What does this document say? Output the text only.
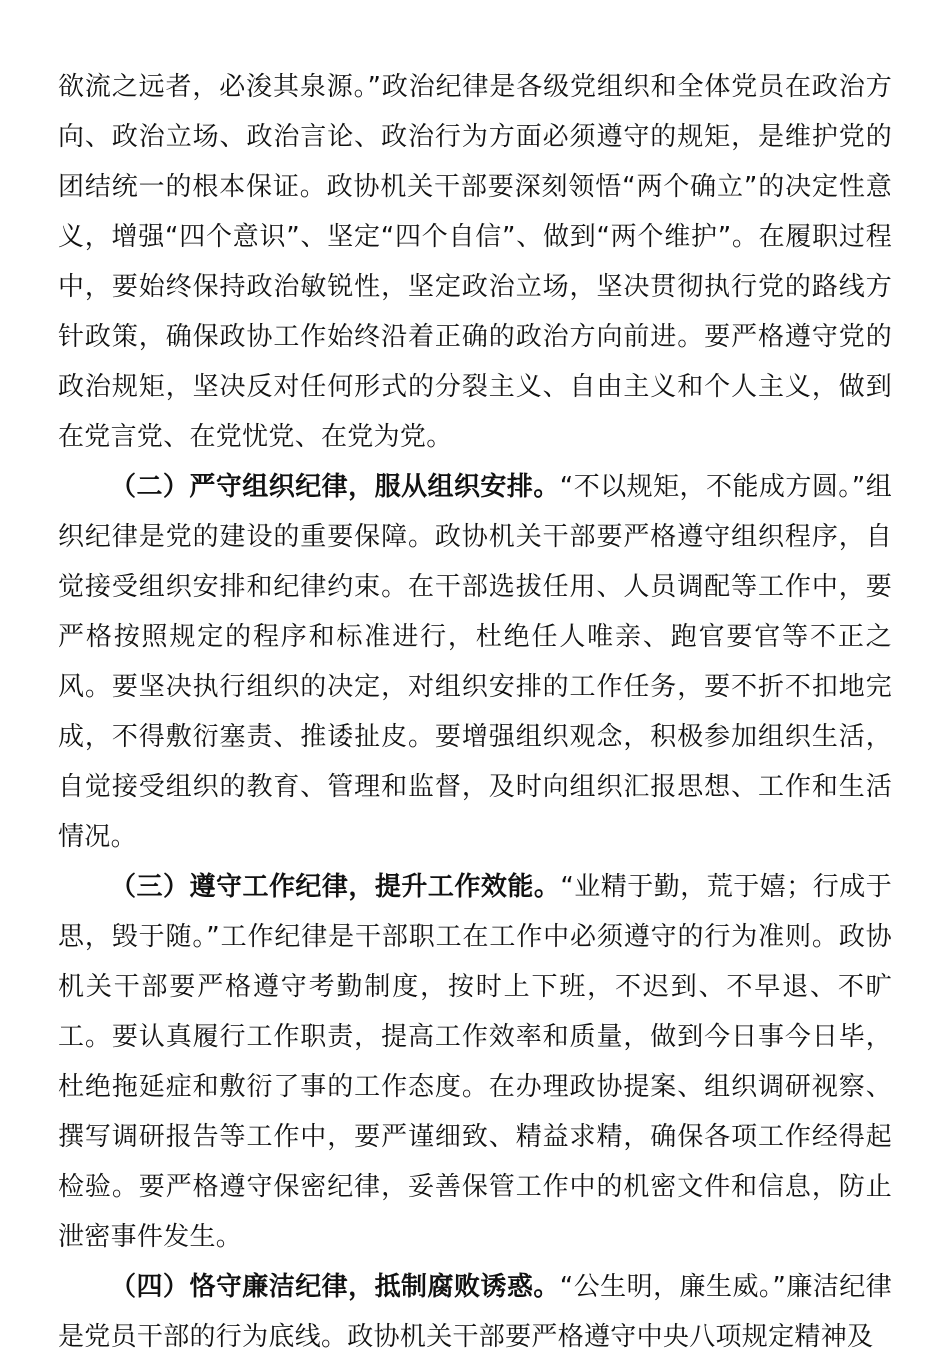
欲流之远者，必浚其泉源。”政治纪律是各级党组织和全体党员在政治方向、政治立场、政治言论、政治行为方面必须遵守的规矩，是维护党的团结统一的根本保证。政协机关干部要深刻领悟“两个确立”的决定性意义，增强“四个意识”、坚定“四个自信”、做到“两个维护”。在履职过程中，要始终保持政治敏锐性，坚定政治立场，坚决贯彻执行党的路线方针政策，确保政协工作始终沿着正确的政治方向前进。要严格遵守党的政治规矩，坚决反对任何形式的分裂主义、自由主义和个人主义，做到在党言党、在党忧党、在党为党。

（二）严守组织纪律，服从组织安排。“不以规矩，不能成方圆。”组织纪律是党的建设的重要保障。政协机关干部要严格遵守组织程序，自觉接受组织安排和纪律约束。在干部选拔任用、人员调配等工作中，要严格按照规定的程序和标准进行，杜绝任人唯亲、跑官要官等不正之风。要坚决执行组织的决定，对组织安排的工作任务，要不折不扣地完成，不得敷衍塞责、推诿扯皮。要增强组织观念，积极参加组织生活，自觉接受组织的教育、管理和监督，及时向组织汇报思想、工作和生活情况。

（三）遵守工作纪律，提升工作效能。“业精于勤，荒于嬉；行成于思，毁于随。”工作纪律是干部职工在工作中必须遵守的行为准则。政协机关干部要严格遵守考勤制度，按时上下班，不迟到、不早退、不旷工。要认真履行工作职责，提高工作效率和质量，做到今日事今日毕，杜绝拖延症和敷衍了事的工作态度。在办理政协提案、组织调研视察、撰写调研报告等工作中，要严谨细致、精益求精，确保各项工作经得起检验。要严格遵守保密纪律，妥善保管工作中的机密文件和信息，防止泄密事件发生。

（四）恪守廉洁纪律，抵制腐败诱惑。“公生明，廉生威。”廉洁纪律是党员干部的行为底线。政协机关干部要严格遵守中央八项规定精神及
